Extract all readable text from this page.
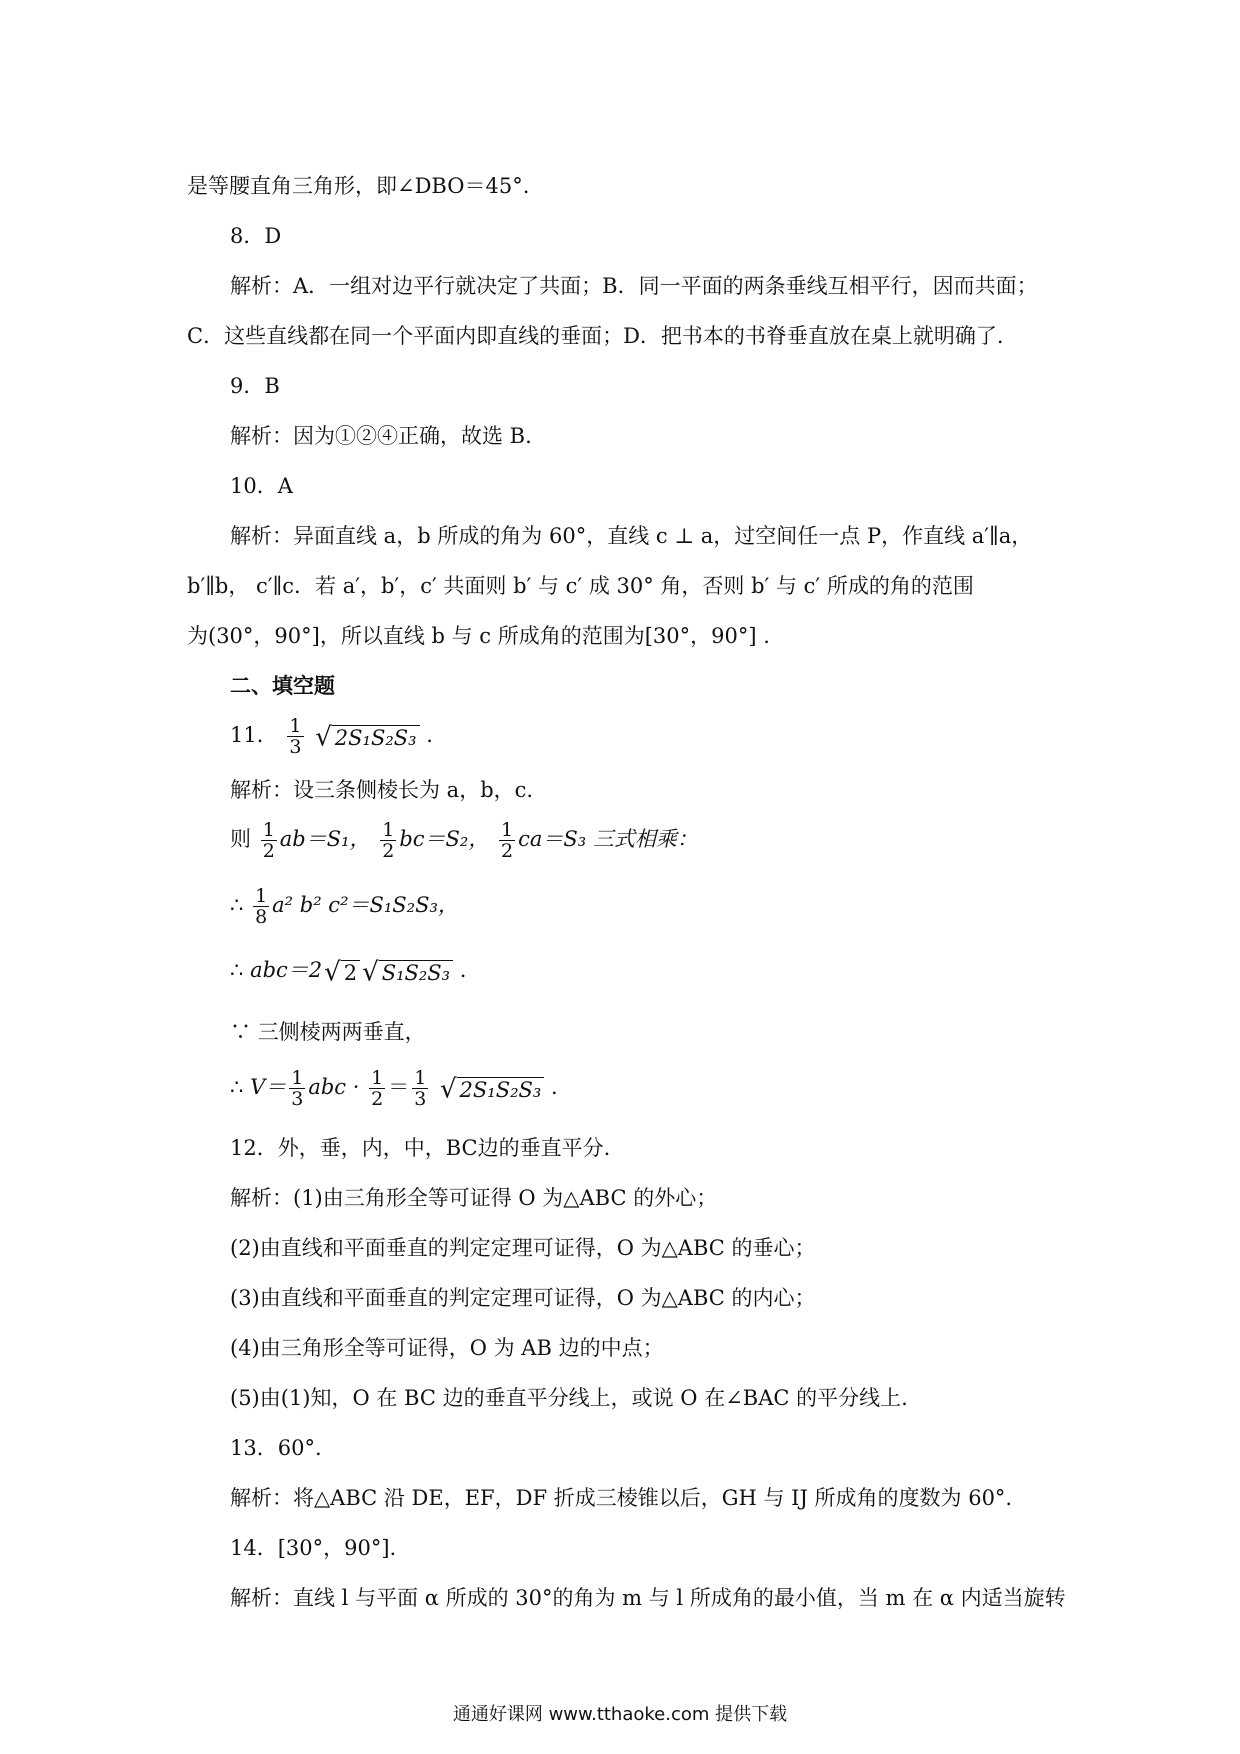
是等腰直角三角形，即∠DBO＝45°.
8．D
解析：A．一组对边平行就决定了共面；B．同一平面的两条垂线互相平行，因而共面；
C．这些直线都在同一个平面内即直线的垂面；D．把书本的书脊垂直放在桌上就明确了.
9．B
解析：因为①②④正确，故选 B.
10．A
解析：异面直线 a，b 所成的角为 60°，直线 c ⊥ a，过空间任一点 P，作直线 a′∥a，
b′∥b， c′∥c．若 a′，b′，c′ 共面则 b′ 与 c′ 成 30° 角，否则 b′ 与 c′ 所成的角的范围
为(30°，90°]，所以直线 b 与 c 所成角的范围为[30°，90°] .
二、填空题
11． $\frac{1}{3}$ √ 2S₁S₂S₃ .
解析：设三条侧棱长为 a，b，c.
则 $\frac{1}{2} ab=S_1$， $\frac{1}{2} bc=S_2$， $\frac{1}{2} ca=S_3$ 三式相乘：
∴ $\frac{1}{8} a^2$ b² c²＝S₁S₂S₃，
∴ abc＝2√ 2 √ S₁S₂S₃ .
∵ 三侧棱两两垂直，
∴ $V= \frac{1}{3}$ abc · $\frac{1}{2} = \frac{1}{3}$ √ 2S₁S₂S₃ .
12．外，垂，内，中，BC边的垂直平分.
解析：(1)由三角形全等可证得 O 为△ABC 的外心；
(2)由直线和平面垂直的判定定理可证得，O 为△ABC 的垂心；
(3)由直线和平面垂直的判定定理可证得，O 为△ABC 的内心；
(4)由三角形全等可证得，O 为 AB 边的中点；
(5)由(1)知，O 在 BC 边的垂直平分线上，或说 O 在∠BAC 的平分线上.
13．60°.
解析：将△ABC 沿 DE，EF，DF 折成三棱锥以后，GH 与 IJ 所成角的度数为 60°.
14．[30°，90°].
解析：直线 l 与平面 α 所成的 30°的角为 m 与 l 所成角的最小值，当 m 在 α 内适当旋转
通通好课网 www.tthaoke.com 提供下载
